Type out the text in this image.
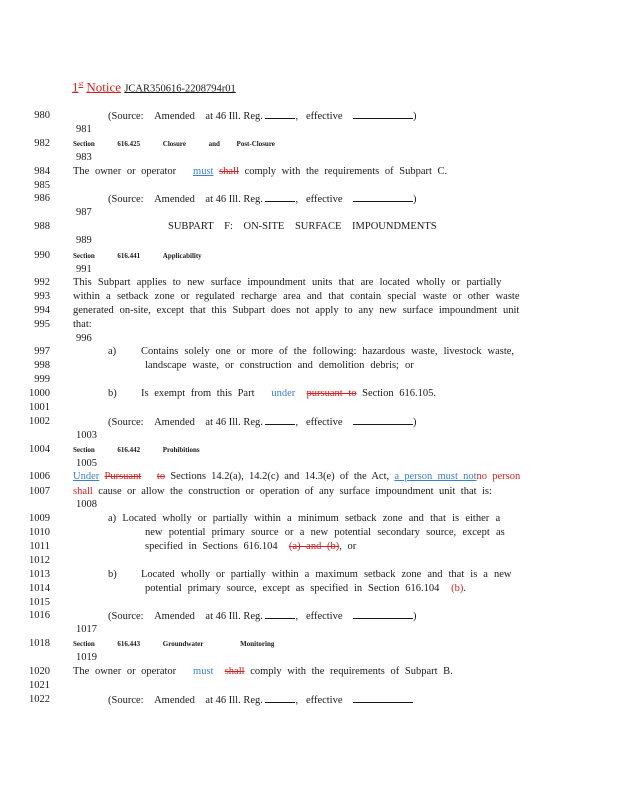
1st Notice JCAR350616-2208794r01
980	(Source: Amended at 46 Ill. Reg.	,   effective	)
981
982	Section	616.425	Closure	and Post-Closure
983
984 The owner or operator must shall comply with the requirements of Subpart C.
985
986	(Source: Amended at 46 Ill. Reg.	,   effective	)
987
988	SUBPART F: ON-SITE SURFACE IMPOUNDMENTS
989
990	Section	616.441	Applicability
991
992 This Subpart applies to new surface impoundment units that are located wholly or partially
993 within a setback zone or regulated recharge area and that contain special waste or other waste
994 generated on-site, except that this Subpart does not apply to any new surface impoundment unit
995 that:
996
997	a) Contains solely one or more of the following: hazardous waste, livestock waste,
998	landscape waste, or construction and demolition debris; or
999
1000	b) Is exempt from this Part under pursuant to Section 616.105.
1001
1002	(Source: Amended at 46 Ill. Reg.	,   effective	)
1003
1004	Section	616.442	Prohibitions
1005
1006 Under Pursuant to Sections 14.2(a), 14.2(c) and 14.3(e) of the Act, a person must notno person
1007 shall cause or allow the construction or operation of any surface impoundment unit that is:
1008
1009	a) Located wholly or partially within a minimum setback zone and that is either a
1010	new potential primary source or a new potential secondary source, except as
1011	specified in Sections 616.104 (a) and (b), or
1012
1013	b) Located wholly or partially within a maximum setback zone and that is a new
1014	potential primary source, except as specified in Section 616.104 (b).
1015
1016	(Source: Amended at 46 Ill. Reg.	,   effective	)
1017
1018	Section	616.443	Groundwater	Monitoring
1019
1020 The owner or operator must shall comply with the requirements of Subpart B.
1021
1022	(Source: Amended at 46 Ill. Reg.	,   effective
